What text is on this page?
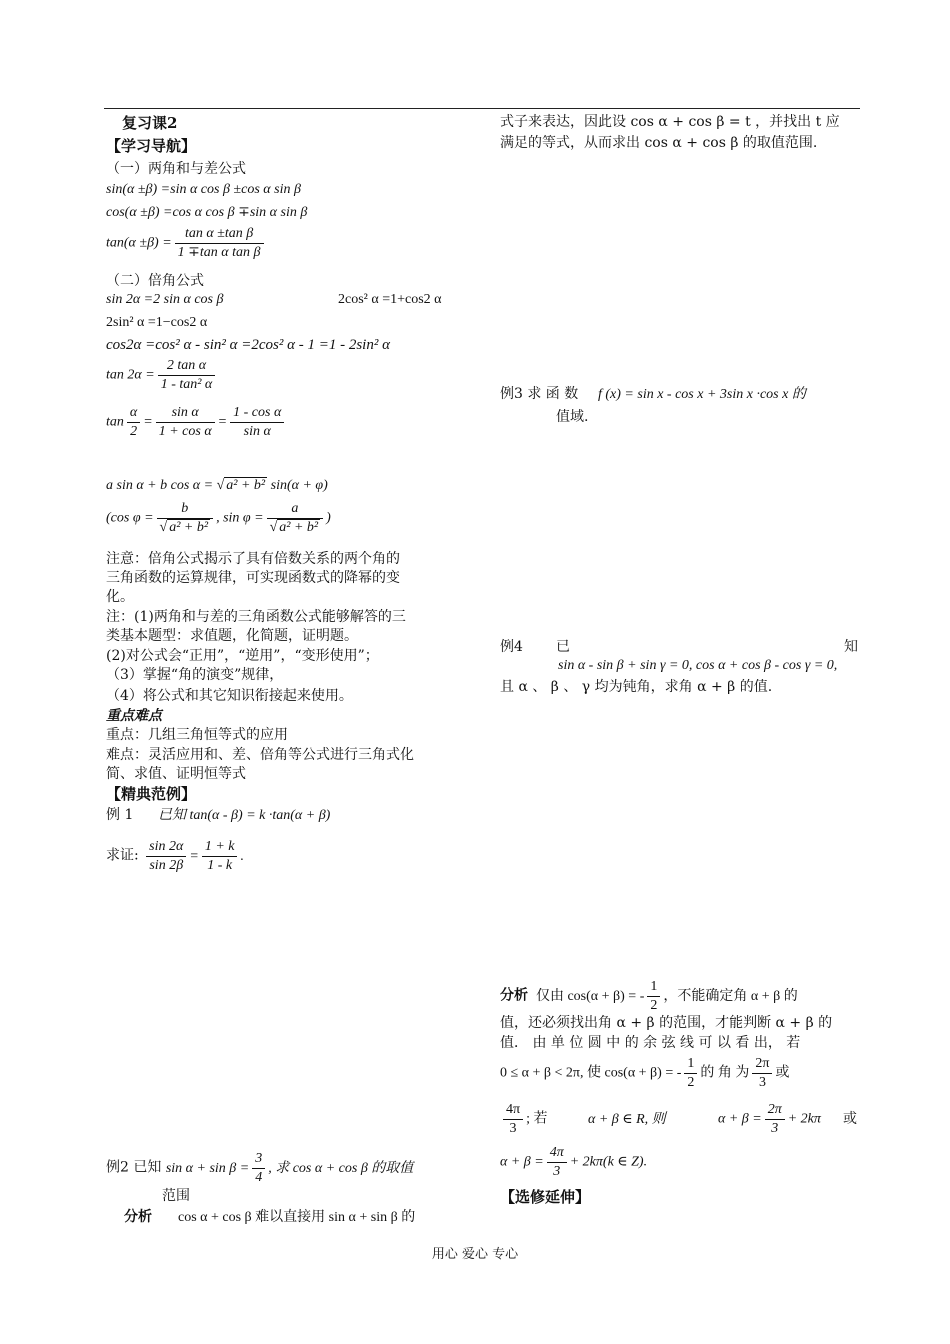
复习课2
【学习导航】
（一）两角和与差公式
sin(α ±β) =sin α cos β ±cos α sin β
cos(α ±β) =cos α cos β ∓sin α sin β
$\tan(\alpha \pm\beta) = \frac{\text{tan α ±tan β}}{\text{1 ∓tan α tan β}}$
（二）倍角公式
sin 2α =2 sin α cos β	2cos² α =1+cos2 α
2sin² α =1−cos2 α
cos2α =cos² α - sin² α =2cos² α - 1 =1 - 2sin² α
$\tan 2\alpha = \frac{\text{2 tan α}}{\text{1 - tan² α}}$
$\tan \frac{\alpha}{2} = \frac{\text{sin α}}{\text{1 + cos α}} = \frac{\text{1 - cos α}}{\text{sin α}}$
a sin α + b cos α = √ a² + b² sin(α + φ)
(cos $\varphi = \frac{b}{\text{√ a² + b²}}$ , $\sin \varphi = \frac{a}{\text{√ a² + b²}}$ )
注意：倍角公式揭示了具有倍数关系的两个角的
三角函数的运算规律，可实现函数式的降幂的变
化。
注：(1)两角和与差的三角函数公式能够解答的三
类基本题型：求值题，化简题，证明题。
(2)对公式会“正用”，“逆用”，“变形使用”；
（3）掌握“角的演变”规律，
（4）将公式和其它知识衔接起来使用。
重点难点
重点：几组三角恒等式的应用
难点：灵活应用和、差、倍角等公式进行三角式化
简、求值、证明恒等式
【精典范例】
例 1 已知 tan(α - β) = k ·tan(α + β)
求证: $\frac{\sin 2\alpha}{\sin 2\beta} = \frac{1 + k}{1 - k}$ .
例2 已知 $\sin \alpha + \sin \beta = \frac{3}{4}$ , 求 cos α + cos β 的取值
范围
分析 cos α + cos β 难以直接用 sin α + sin β 的
式子来表达，因此设 cos α + cos β = t ，并找出 t 应
满足的等式，从而求出 cos α + cos β 的取值范围.
例3 求 函 数 f (x) = sin x - cos x + 3sin x ·cos x 的
值域.
例4 已	知
sin α - sin β + sin γ = 0, cos α + cos β - cos γ = 0,
且 α 、 β 、 γ 均为钝角，求角 α + β 的值.
分析 仅由 cos(α + β) = - $\frac{1}{2}$ ，不能确定角 α + β 的
值，还必须找出角 α + β 的范围，才能判断 α + β 的
值． 由 单 位 圆 中 的 余 弦 线 可 以 看 出， 若
0 ≤ α + β < 2π, 使 cos(α + β) = - $\frac{1}{2}$ 的 角 为 $\frac{2\pi}{3}$ 或
$\frac{4\pi}{3}$ ; 若	α + β ∈ R, 则	$\alpha + \beta = \frac{2\pi}{3} + 2k\pi$ 或
$\alpha + \beta = \frac{4\pi}{3} + 2k\pi(k$ ∈ Z).
【选修延伸】
用心 爱心 专心
